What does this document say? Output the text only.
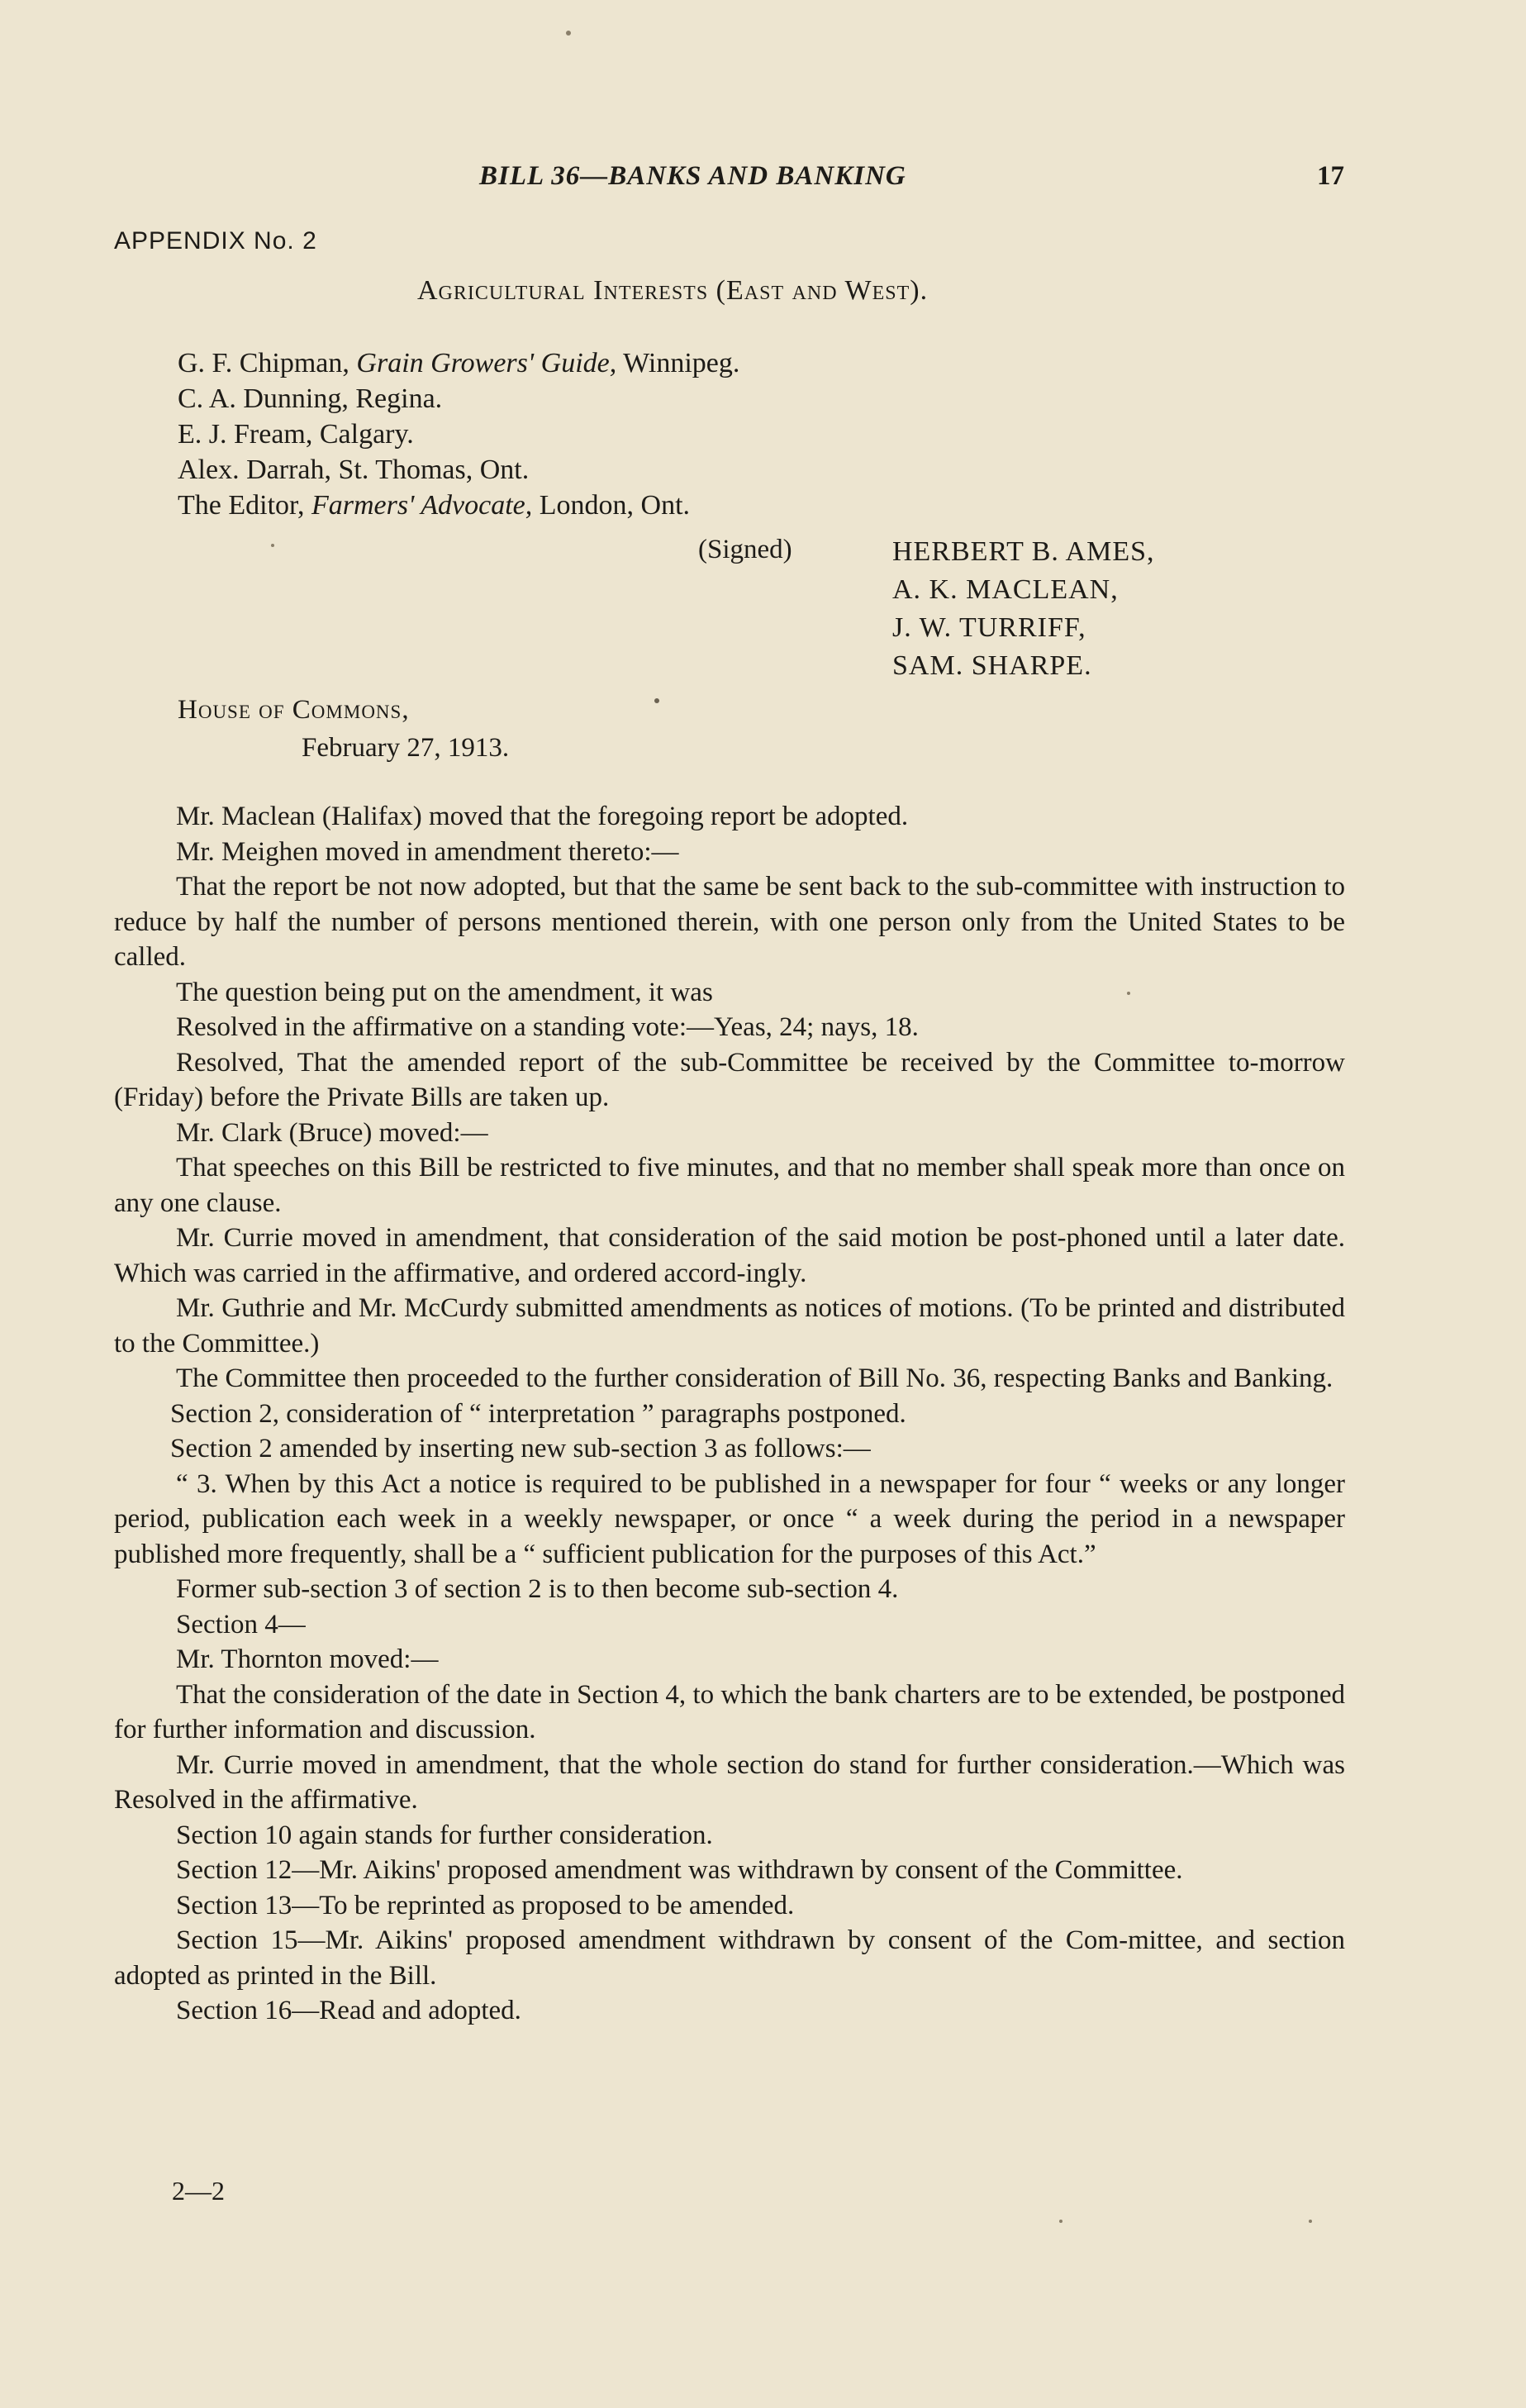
BILL 36—BANKS AND BANKING	17

APPENDIX No. 2

Agricultural Interests (East and West).

G. F. Chipman, Grain Growers' Guide, Winnipeg.
C. A. Dunning, Regina.
E. J. Fream, Calgary.
Alex. Darrah, St. Thomas, Ont.
The Editor, Farmers' Advocate, London, Ont.

(Signed)	HERBERT B. AMES,
A. K. MACLEAN,
J. W. TURRIFF,
SAM. SHARPE.

House of Commons,

February 27, 1913.

Mr. Maclean (Halifax) moved that the foregoing report be adopted.

Mr. Meighen moved in amendment thereto:—

That the report be not now adopted, but that the same be sent back to the sub-committee with instruction to reduce by half the number of persons mentioned therein, with one person only from the United States to be called.

The question being put on the amendment, it was

Resolved in the affirmative on a standing vote:—Yeas, 24; nays, 18.

Resolved, That the amended report of the sub-Committee be received by the Committee to-morrow (Friday) before the Private Bills are taken up.

Mr. Clark (Bruce) moved:—

That speeches on this Bill be restricted to five minutes, and that no member shall speak more than once on any one clause.

Mr. Currie moved in amendment, that consideration of the said motion be post-phoned until a later date. Which was carried in the affirmative, and ordered accord-ingly.

Mr. Guthrie and Mr. McCurdy submitted amendments as notices of motions. (To be printed and distributed to the Committee.)

The Committee then proceeded to the further consideration of Bill No. 36, respecting Banks and Banking.

Section 2, consideration of “ interpretation ” paragraphs postponed.

Section 2 amended by inserting new sub-section 3 as follows:—

“ 3. When by this Act a notice is required to be published in a newspaper for four “ weeks or any longer period, publication each week in a weekly newspaper, or once “ a week during the period in a newspaper published more frequently, shall be a “ sufficient publication for the purposes of this Act.”

Former sub-section 3 of section 2 is to then become sub-section 4.

Section 4—

Mr. Thornton moved:—

That the consideration of the date in Section 4, to which the bank charters are to be extended, be postponed for further information and discussion.

Mr. Currie moved in amendment, that the whole section do stand for further consideration.—Which was Resolved in the affirmative.

Section 10 again stands for further consideration.

Section 12—Mr. Aikins' proposed amendment was withdrawn by consent of the Committee.

Section 13—To be reprinted as proposed to be amended.

Section 15—Mr. Aikins' proposed amendment withdrawn by consent of the Com-mittee, and section adopted as printed in the Bill.

Section 16—Read and adopted.

2—2
